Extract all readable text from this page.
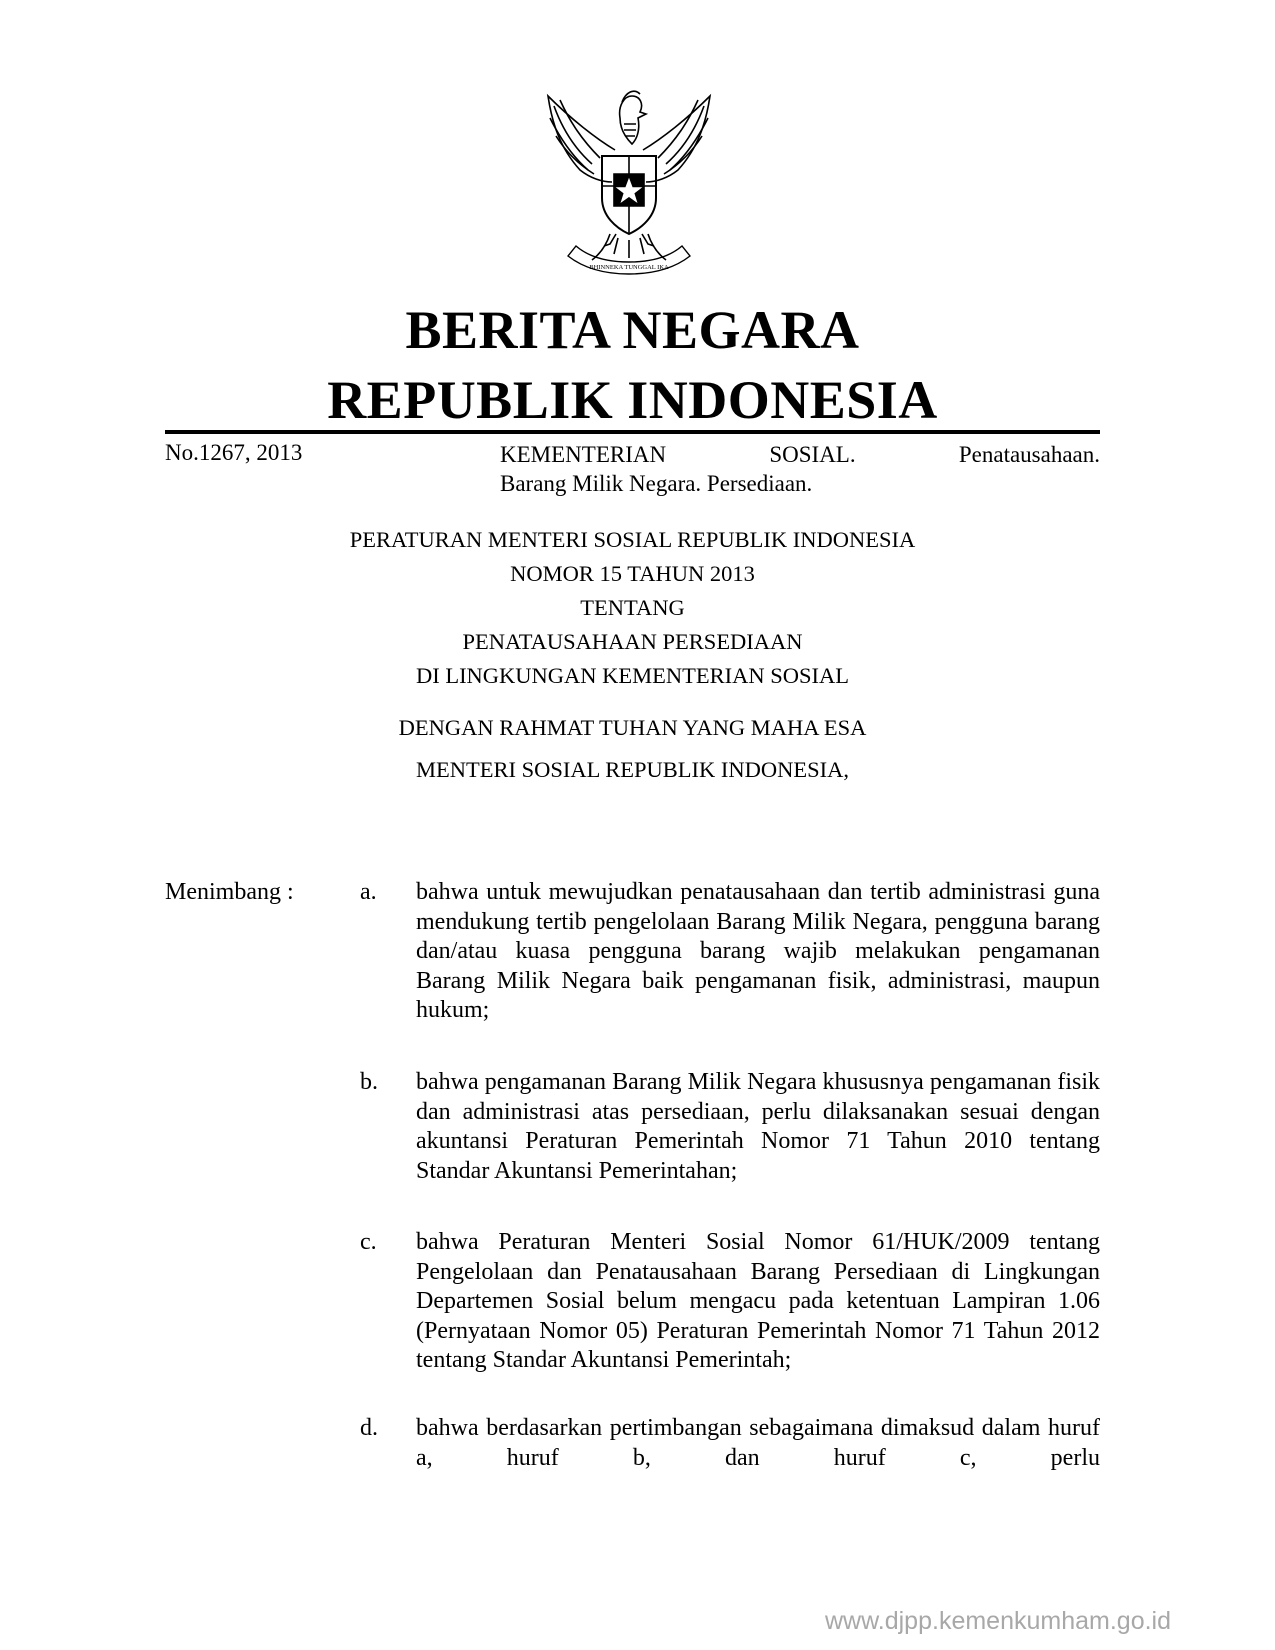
BHINNEKA TUNGGAL IKA
BERITA NEGARA
REPUBLIK INDONESIA
No.1267, 2013	KEMENTERIAN SOSIAL. Penatausahaan.
Barang Milik Negara. Persediaan.
PERATURAN MENTERI SOSIAL REPUBLIK INDONESIA
NOMOR 15 TAHUN 2013
TENTANG
PENATAUSAHAAN PERSEDIAAN
DI LINGKUNGAN KEMENTERIAN SOSIAL
DENGAN RAHMAT TUHAN YANG MAHA ESA
MENTERI SOSIAL REPUBLIK INDONESIA,
Menimbang :	a. bahwa untuk mewujudkan penatausahaan dan tertib administrasi guna mendukung tertib pengelolaan Barang Milik Negara, pengguna barang dan/atau kuasa pengguna barang wajib melakukan pengamanan Barang Milik Negara baik pengamanan fisik, administrasi, maupun hukum;
b. bahwa pengamanan Barang Milik Negara khususnya pengamanan fisik dan administrasi atas persediaan, perlu dilaksanakan sesuai dengan akuntansi Peraturan Pemerintah Nomor 71 Tahun 2010 tentang Standar Akuntansi Pemerintahan;
c. bahwa Peraturan Menteri Sosial Nomor 61/HUK/2009 tentang Pengelolaan dan Penatausahaan Barang Persediaan di Lingkungan Departemen Sosial belum mengacu pada ketentuan Lampiran 1.06 (Pernyataan Nomor 05) Peraturan Pemerintah Nomor 71 Tahun 2012 tentang Standar Akuntansi Pemerintah;
d. bahwa berdasarkan pertimbangan sebagaimana dimaksud dalam huruf a, huruf b, dan huruf c, perlu
www.djpp.kemenkumham.go.id
